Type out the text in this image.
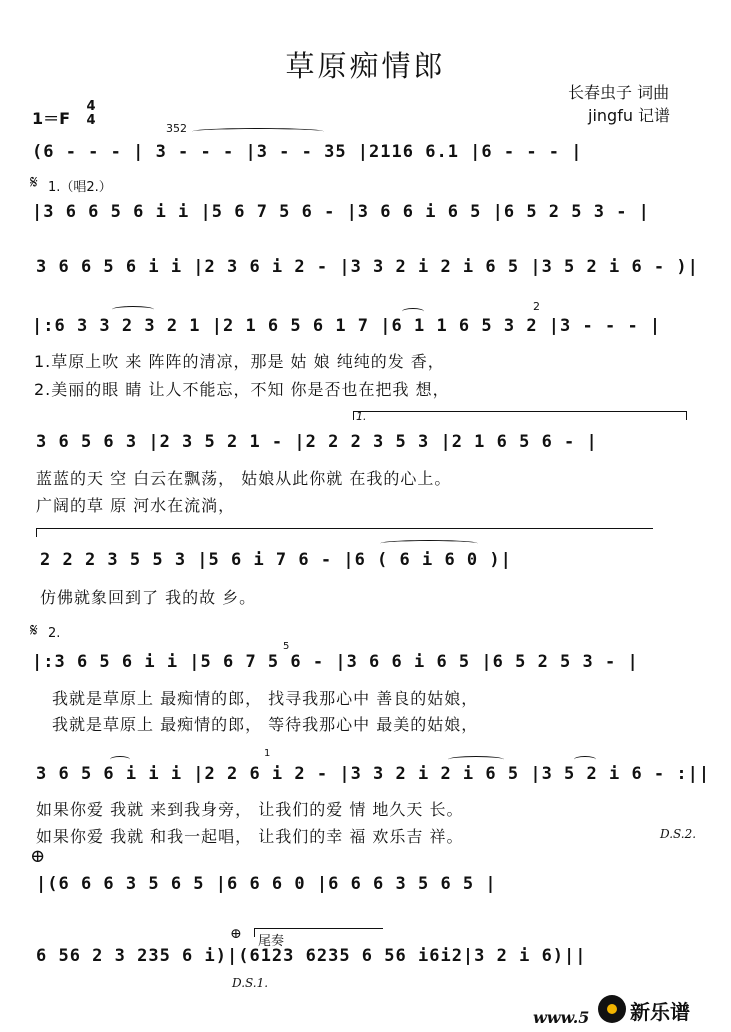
草原痴情郎
长春虫子 词曲
jingfu 记谱
1＝F
4
4
352
(6 - - - | 3 - - - |3 - - 35 |2116 6.1 |6 - - - |
𝄋 1.（唱2.）
|3 6 6 5 6 i i |5 6 7 5 6 - |3 6 6 i 6 5 |6 5 2 5 3 - |
3 6 6 5 6 i i |2 3 6 i 2 - |3 3 2 i 2 i 6 5 |3 5 2 i 6 - )|
2
|:6 3 3 2 3 2 1 |2 1 6 5 6 1 7 |6 1 1 6 5 3 2 |3 - - - |
1.草原上吹 来 阵阵的清凉，那是 姑 娘 纯纯的发 香，
2.美丽的眼 睛 让人不能忘，不知 你是否也在把我 想，
1.
3 6 5 6 3 |2 3 5 2 1 - |2 2 2 3 5 3 |2 1 6 5 6 - |
蓝蓝的天 空 白云在飘荡， 姑娘从此你就 在我的心上。
广阔的草 原 河水在流淌，
2 2 2 3 5 5 3 |5 6 i 7 6 - |6 ( 6 i 6 0 )|
仿佛就象回到了 我的故 乡。
𝄋 2.
5
|:3 6 5 6 i i |5 6 7 5 6 - |3 6 6 i 6 5 |6 5 2 5 3 - |
我就是草原上 最痴情的郎， 找寻我那心中 善良的姑娘，
我就是草原上 最痴情的郎， 等待我那心中 最美的姑娘，
1
3 6 5 6 i i i |2 2 6 i 2 - |3 3 2 i 2 i 6 5 |3 5 2 i 6 - :||
如果你爱 我就 来到我身旁， 让我们的爱 情 地久天 长。
如果你爱 我就 和我一起唱， 让我们的幸 福 欢乐吉 祥。	D.S.2.
⊕
|(6 6 6 3 5 6 5 |6 6 6 0 |6 6 6 3 5 6 5 |
⊕ 尾奏
6 56 2 3 235 6 i)|(6123 6235 6 56 i6i2|3 2 i 6)||
D.S.1.
www.5 新乐谱
